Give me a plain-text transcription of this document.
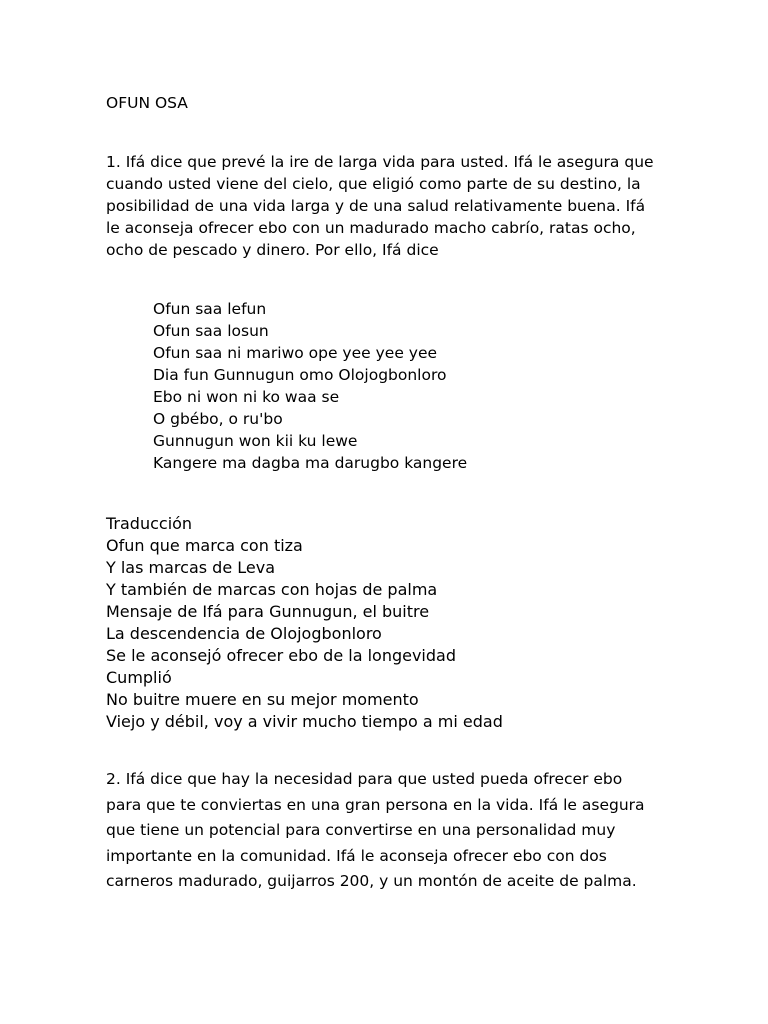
OFUN OSA
1. Ifá dice que prevé la ire de larga vida para usted. Ifá le asegura que
cuando usted viene del cielo, que eligió como parte de su destino, la
posibilidad de una vida larga y de una salud relativamente buena. Ifá
le aconseja ofrecer ebo con un madurado macho cabrío, ratas ocho,
ocho de pescado y dinero. Por ello, Ifá dice
Ofun saa lefun
Ofun saa losun
Ofun saa ni mariwo ope yee yee yee
Dia fun Gunnugun omo Olojogbonloro
Ebo ni won ni ko waa se
O gbébo, o ru'bo
Gunnugun won kii ku lewe
Kangere ma dagba ma darugbo kangere
Traducción
Ofun que marca con tiza
Y las marcas de Leva
Y también de marcas con hojas de palma
Mensaje de Ifá para Gunnugun, el buitre
La descendencia de Olojogbonloro
Se le aconsejó ofrecer ebo de la longevidad
Cumplió
No buitre muere en su mejor momento
Viejo y débil, voy a vivir mucho tiempo a mi edad
2. Ifá dice que hay la necesidad para que usted pueda ofrecer ebo
para que te conviertas en una gran persona en la vida. Ifá le asegura
que tiene un potencial para convertirse en una personalidad muy
importante en la comunidad. Ifá le aconseja ofrecer ebo con dos
carneros madurado, guijarros 200, y un montón de aceite de palma.
